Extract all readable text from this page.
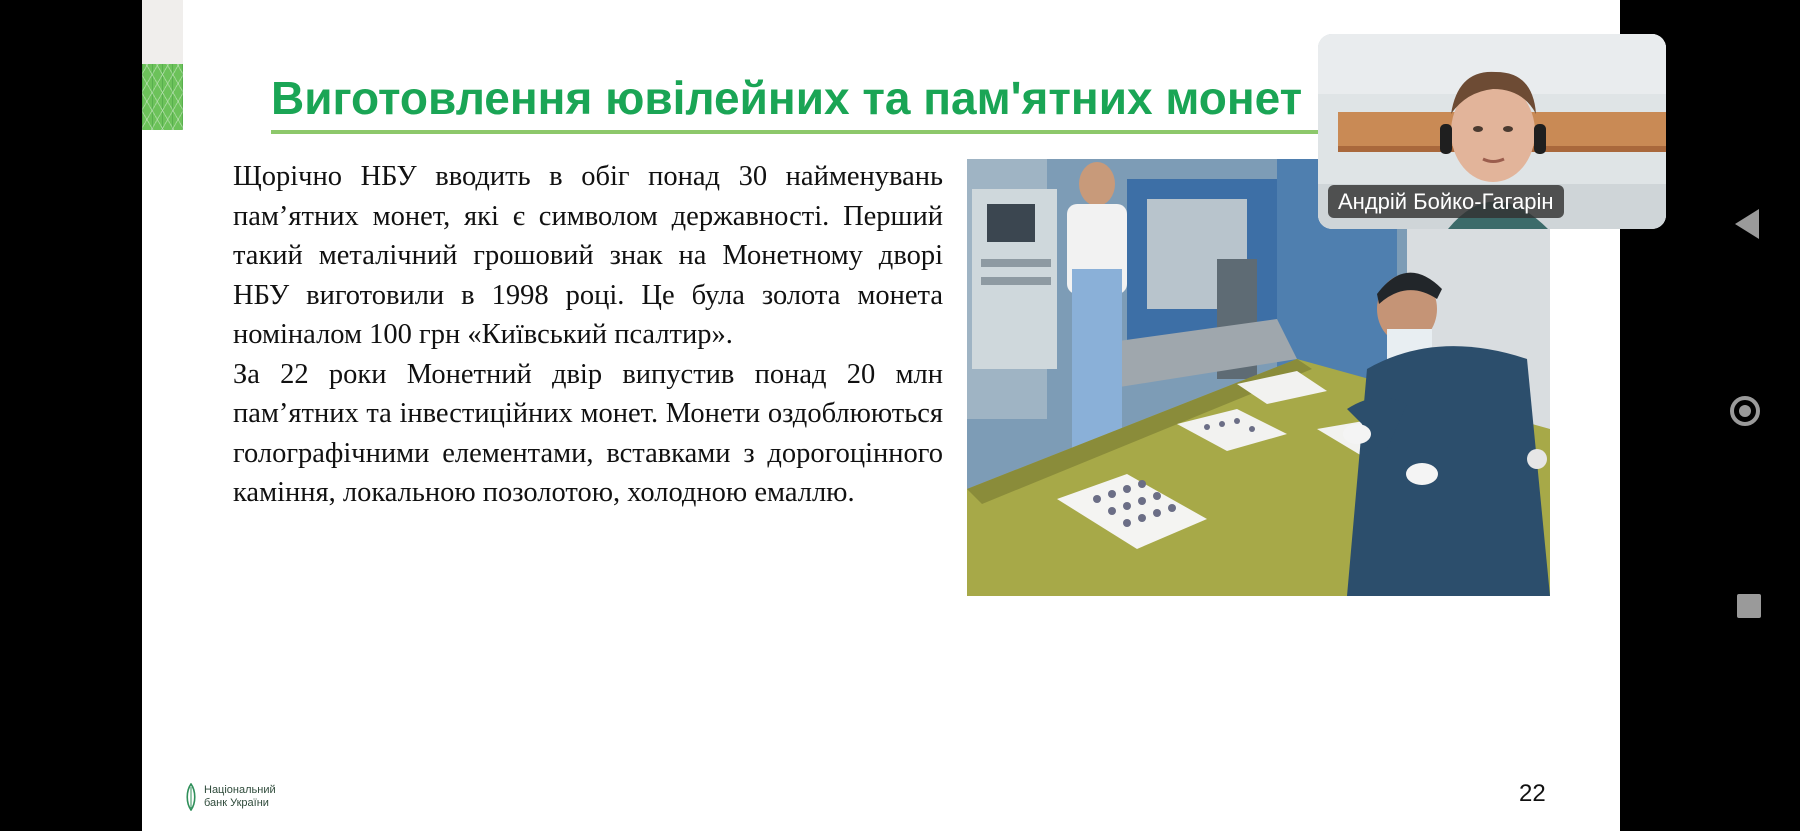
Виготовлення ювілейних та пам'ятних монет

Щорічно НБУ вводить в обіг понад 30 найменувань пам’ятних монет, які є символом державності. Перший такий металічний грошовий знак на Монетному дворі НБУ виготовили в 1998 році. Це була золота монета номіналом 100 грн «Київський псалтир».

За 22 роки Монетний двір випустив понад 20 млн пам’ятних та інвестиційних монет. Монети оздоблюються голографічними елементами, вставками з дорогоцінного каміння, локальною позолотою, холодною емаллю.

Національний
банк України	22
Андрій Бойко-Гагарін
